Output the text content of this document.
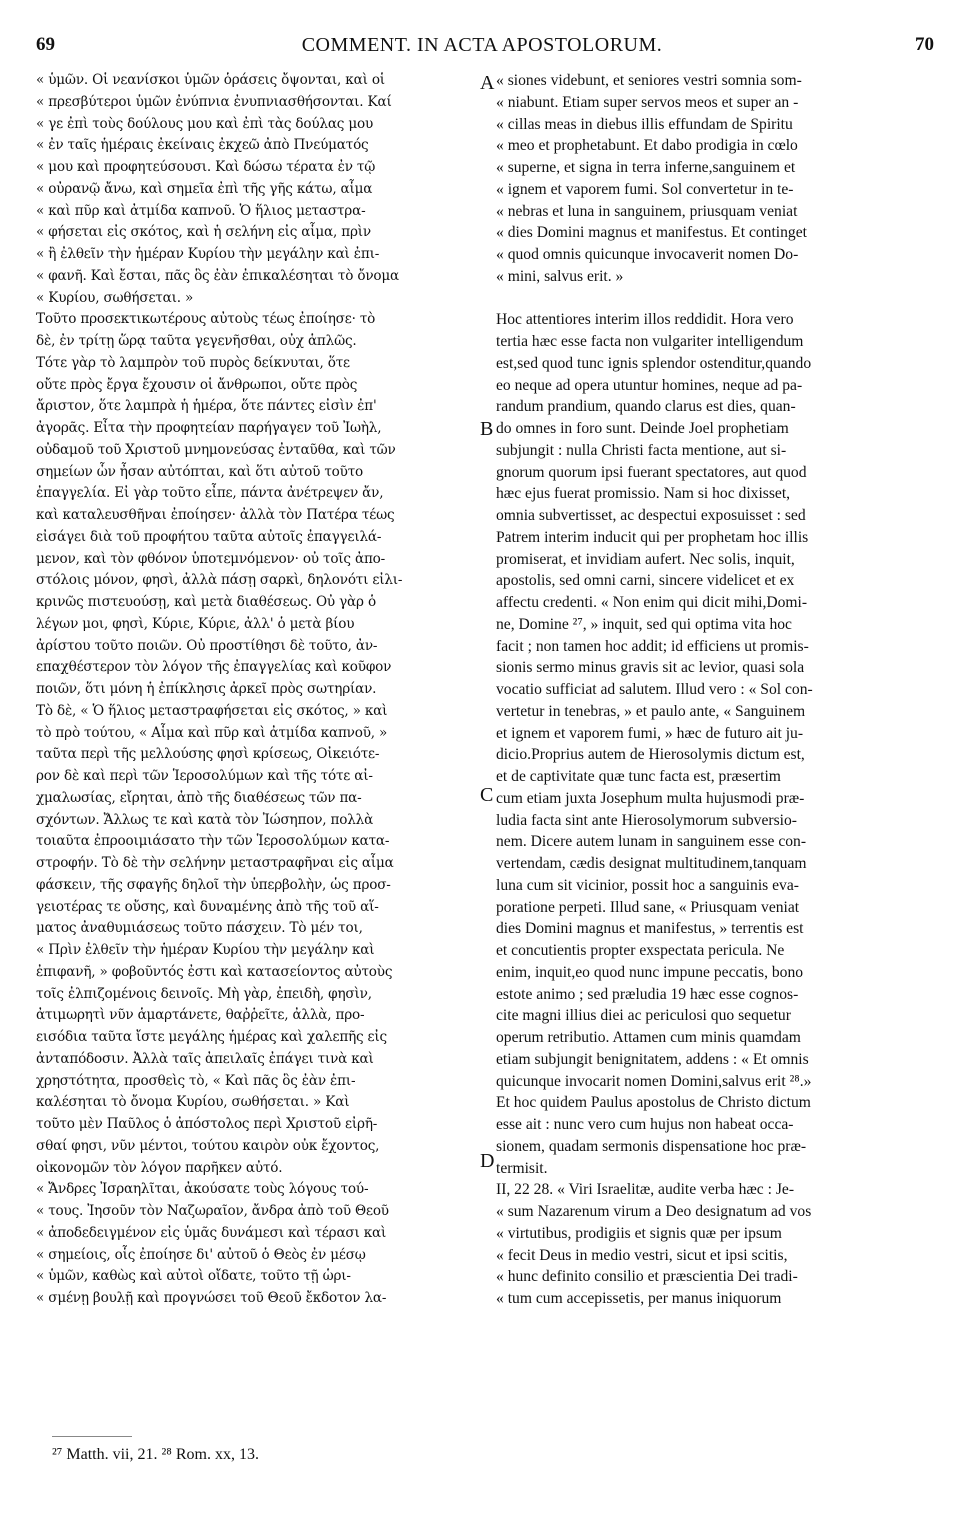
69	COMMENT. IN ACTA APOSTOLORUM.	70
« ὑμῶν. Οἱ νεανίσκοι ὑμῶν ὁράσεις ὄψονται, καὶ οἱ
« πρεσβύτεροι ὑμῶν ἐνύπνια ἐνυπνιασθήσονται. Καί
« γε ἐπὶ τοὺς δούλους μου καὶ ἐπὶ τὰς δούλας μου
« ἐν ταῖς ἡμέραις ἐκείναις ἐκχεῶ ἀπὸ Πνεύματός
« μου καὶ προφητεύσουσι. Καὶ δώσω τέρατα ἐν τῷ
« οὐρανῷ ἄνω, καὶ σημεῖα ἐπὶ τῆς γῆς κάτω, αἷμα
« καὶ πῦρ καὶ ἀτμίδα καπνοῦ. Ὁ ἥλιος μεταστρα-
« φήσεται εἰς σκότος, καὶ ἡ σελήνη εἰς αἷμα, πρὶν
« ἢ ἐλθεῖν τὴν ἡμέραν Κυρίου τὴν μεγάλην καὶ ἐπι-
« φανῆ. Καὶ ἔσται, πᾶς ὃς ἐὰν ἐπικαλέσηται τὸ ὄνομα
« Κυρίου, σωθήσεται. »
Τοῦτο προσεκτικωτέρους αὐτοὺς τέως ἐποίησε· τὸ
δὲ, ἐν τρίτῃ ὥρᾳ ταῦτα γεγενῆσθαι, οὐχ ἁπλῶς.
Τότε γὰρ τὸ λαμπρὸν τοῦ πυρὸς δείκνυται, ὅτε
οὔτε πρὸς ἔργα ἔχουσιν οἱ ἄνθρωποι, οὔτε πρὸς
ἄριστον, ὅτε λαμπρὰ ἡ ἡμέρα, ὅτε πάντες εἰσὶν ἐπ'
ἀγορᾶς. Εἶτα τὴν προφητείαν παρήγαγεν τοῦ Ἰωὴλ,
οὐδαμοῦ τοῦ Χριστοῦ μνημονεύσας ἐνταῦθα, καὶ τῶν
σημείων ὧν ἦσαν αὐτόπται, καὶ ὅτι αὐτοῦ τοῦτο
ἐπαγγελία. Εἰ γὰρ τοῦτο εἶπε, πάντα ἀνέτρεψεν ἄν,
καὶ καταλευσθῆναι ἐποίησεν· ἀλλὰ τὸν Πατέρα τέως
εἰσάγει διὰ τοῦ προφήτου ταῦτα αὐτοῖς ἐπαγγειλά-
μενον, καὶ τὸν φθόνον ὑποτεμνόμενον· οὐ τοῖς ἀπο-
στόλοις μόνον, φησὶ, ἀλλὰ πάσῃ σαρκὶ, δηλονότι εἰλι-
κρινῶς πιστευούσῃ, καὶ μετὰ διαθέσεως. Οὐ γὰρ ὁ
λέγων μοι, φησὶ, Κύριε, Κύριε, ἀλλ' ὁ μετὰ βίου
ἀρίστου τοῦτο ποιῶν. Οὐ προστίθησι δὲ τοῦτο, ἀν-
επαχθέστερον τὸν λόγον τῆς ἐπαγγελίας καὶ κοῦφον
ποιῶν, ὅτι μόνη ἡ ἐπίκλησις ἀρκεῖ πρὸς σωτηρίαν.
Τὸ δὲ, « Ὁ ἥλιος μεταστραφήσεται εἰς σκότος, » καὶ
τὸ πρὸ τούτου, « Αἷμα καὶ πῦρ καὶ ἀτμίδα καπνοῦ, »
ταῦτα περὶ τῆς μελλούσης φησὶ κρίσεως, Οἰκειότε-
ρον δὲ καὶ περὶ τῶν Ἱεροσολύμων καὶ τῆς τότε αἰ-
χμαλωσίας, εἴρηται, ἀπὸ τῆς διαθέσεως τῶν πα-
σχόντων. Ἄλλως τε καὶ κατὰ τὸν Ἰώσηπον, πολλὰ
τοιαῦτα ἐπροοιμιάσατο τὴν τῶν Ἱεροσολύμων κατα-
στροφήν. Τὸ δὲ τὴν σελήνην μεταστραφῆναι εἰς αἷμα
φάσκειν, τῆς σφαγῆς δηλοῖ τὴν ὑπερβολὴν, ὡς προσ-
γειοτέρας τε οὔσης, καὶ δυναμένης ἀπὸ τῆς τοῦ αἵ-
ματος ἀναθυμιάσεως τοῦτο πάσχειν. Τὸ μέν τοι,
« Πρὶν ἐλθεῖν τὴν ἡμέραν Κυρίου τὴν μεγάλην καὶ
ἐπιφανῆ, » φοβοῦντός ἐστι καὶ κατασείοντος αὐτοὺς
τοῖς ἐλπιζομένοις δεινοῖς. Μὴ γὰρ, ἐπειδὴ, φησὶν,
ἀτιμωρητὶ νῦν ἁμαρτάνετε, θαῤῥεῖτε, ἀλλὰ, προ-
εισόδια ταῦτα ἴστε μεγάλης ἡμέρας καὶ χαλεπῆς εἰς
ἀνταπόδοσιν. Ἀλλὰ ταῖς ἀπειλαῖς ἐπάγει τινὰ καὶ
χρηστότητα, προσθεὶς τὸ, « Καὶ πᾶς ὃς ἐὰν ἐπι-
καλέσηται τὸ ὄνομα Κυρίου, σωθήσεται. » Καὶ
τοῦτο μὲν Παῦλος ὁ ἀπόστολος περὶ Χριστοῦ εἰρῆ-
σθαί φησι, νῦν μέντοι, τούτου καιρὸν οὐκ ἔχοντος,
οἰκονομῶν τὸν λόγον παρῆκεν αὐτό.
« Ἄνδρες Ἰσραηλῖται, ἀκούσατε τοὺς λόγους τού-
« τους. Ἰησοῦν τὸν Ναζωραῖον, ἄνδρα ἀπὸ τοῦ Θεοῦ
« ἀποδεδειγμένον εἰς ὑμᾶς δυνάμεσι καὶ τέρασι καὶ
« σημείοις, οἷς ἐποίησε δι' αὐτοῦ ὁ Θεὸς ἐν μέσῳ
« ὑμῶν, καθὼς καὶ αὐτοὶ οἴδατε, τοῦτο τῇ ὡρι-
« σμένῃ βουλῇ καὶ προγνώσει τοῦ Θεοῦ ἔκδοτον λα-
« siones videbunt, et seniores vestri somnia som-
« niabunt. Etiam super servos meos et super an -
« cillas meas in diebus illis effundam de Spiritu
« meo et prophetabunt. Et dabo prodigia in cœlo
« superne, et signa in terra inferne,sanguinem et
« ignem et vaporem fumi. Sol convertetur in te-
« nebras et luna in sanguinem, priusquam veniat
« dies Domini magnus et manifestus. Et continget
« quod omnis quicunque invocaverit nomen Do-
« mini, salvus erit. »
Hoc attentiores interim illos reddidit. Hora vero
tertia hæc esse facta non vulgariter intelligendum
est,sed quod tunc ignis splendor ostenditur,quando
eo neque ad opera utuntur homines, neque ad pa-
randum prandium, quando clarus est dies, quan-
do omnes in foro sunt. Deinde Joel prophetiam
subjungit : nulla Christi facta mentione, aut si-
gnorum quorum ipsi fuerant spectatores, aut quod
hæc ejus fuerat promissio. Nam si hoc dixisset,
omnia subvertisset, ac despectui exposuisset : sed
Patrem interim inducit qui per prophetam hoc illis
promiserat, et invidiam aufert. Nec solis, inquit,
apostolis, sed omni carni, sincere videlicet et ex
affectu credenti. « Non enim qui dicit mihi,Domi-
ne, Domine ²⁷, » inquit, sed qui optima vita hoc
facit ; non tamen hoc addit; id efficiens ut promis-
sionis sermo minus gravis sit ac levior, quasi sola
vocatio sufficiat ad salutem. Illud vero : « Sol con-
vertetur in tenebras, » et paulo ante, « Sanguinem
et ignem et vaporem fumi, » hæc de futuro ait ju-
dicio.Proprius autem de Hierosolymis dictum est,
et de captivitate quæ tunc facta est, præsertim
cum etiam juxta Josephum multa hujusmodi præ-
ludia facta sint ante Hierosolymorum subversio-
nem. Dicere autem lunam in sanguinem esse con-
vertendam, cædis designat multitudinem,tanquam
luna cum sit vicinior, possit hoc a sanguinis eva-
poratione perpeti. Illud sane, « Priusquam veniat
dies Domini magnus et manifestus, » terrentis est
et concutientis propter exspectata pericula. Ne
enim, inquit,eo quod nunc impune peccatis, bono
estote animo ; sed præludia 19 hæc esse cognos-
cite magni illius diei ac periculosi quo sequetur
operum retributio. Attamen cum minis quamdam
etiam subjungit benignitatem, addens : « Et omnis
quicunque invocarit nomen Domini,salvus erit ²⁸.»
Et hoc quidem Paulus apostolus de Christo dictum
esse ait : nunc vero cum hujus non habeat occa-
sionem, quadam sermonis dispensatione hoc præ-
termisit.
II, 22 28. « Viri Israelitæ, audite verba hæc : Je-
« sum Nazarenum virum a Deo designatum ad vos
« virtutibus, prodigiis et signis quæ per ipsum
« fecit Deus in medio vestri, sicut et ipsi scitis,
« hunc definito consilio et præscientia Dei tradi-
« tum cum accepissetis, per manus iniquorum
A
B
C
D
²⁷ Matth. vii, 21. ²⁸ Rom. xx, 13.
